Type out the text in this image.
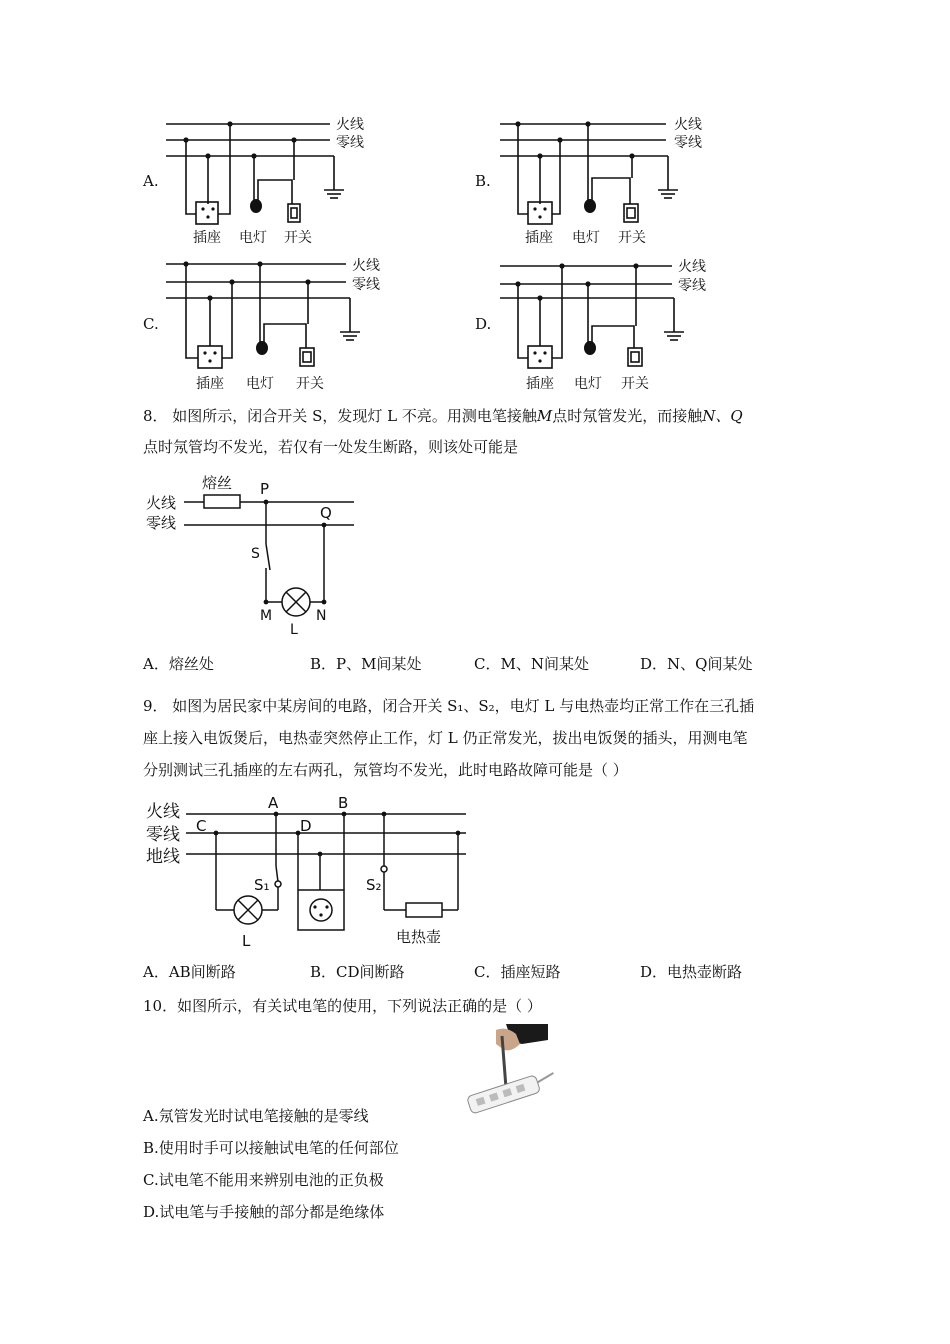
A.
火线
零线
插座 电灯 开关
B.
火线
零线
插座 电灯 开关
C.
火线
零线
插座 电灯 开关
D.
火线
零线
插座 电灯 开关
8． 如图所示，闭合开关 S，发现灯 L 不亮。用测电笔接触M点时氖管发光，而接触N、Q
点时氖管均不发光，若仅有一处发生断路，则该处可能是
熔丝
火线
零线
P
Q
S
M	N
L
A．熔丝处	B．P、M间某处	C．M、N间某处	D．N、Q间某处
9． 如图为居民家中某房间的电路，闭合开关 S₁、S₂，电灯 L 与电热壶均正常工作在三孔插
座上接入电饭煲后，电热壶突然停止工作，灯 L 仍正常发光，拔出电饭煲的插头，用测电笔
分别测试三孔插座的左右两孔，氖管均不发光，此时电路故障可能是（ ）
火线
零线
地线
A	B
C	D
S₁	S₂
L	电热壶
A．AB间断路	B．CD间断路	C．插座短路	D．电热壶断路
10．如图所示，有关试电笔的使用，下列说法正确的是（ ）
A.氖管发光时试电笔接触的是零线
B.使用时手可以接触试电笔的任何部位
C.试电笔不能用来辨别电池的正负极
D.试电笔与手接触的部分都是绝缘体
